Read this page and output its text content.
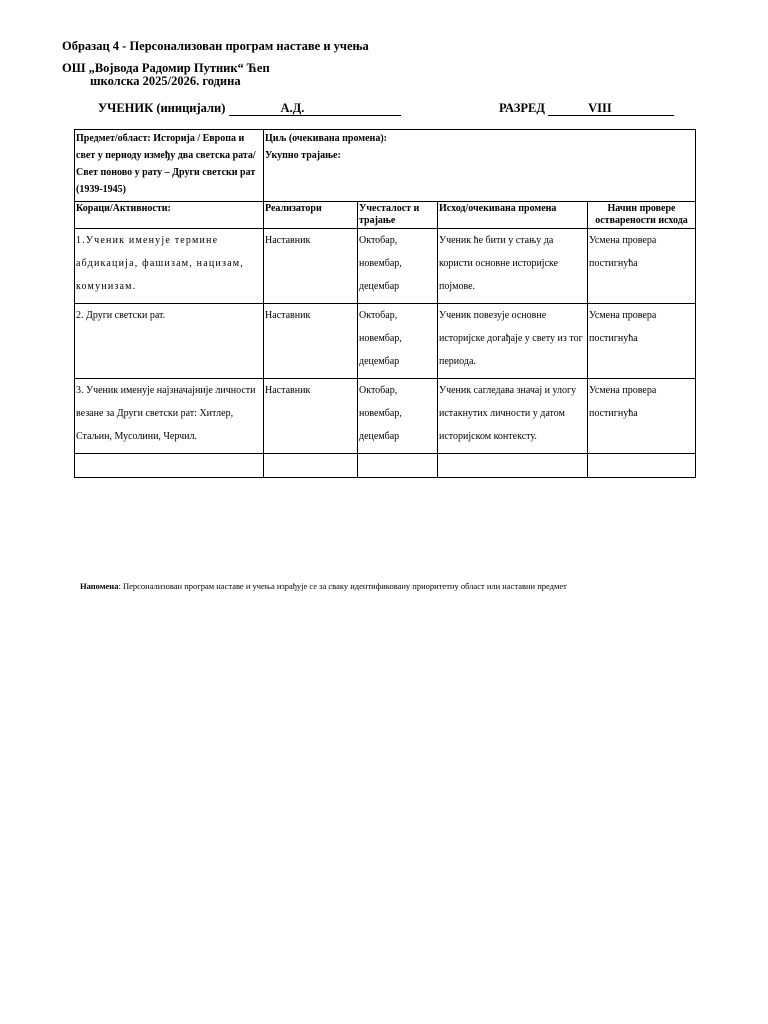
Образац 4 - Персонализован програм наставе и учења
ОШ „Војвода Радомир Путник“ Ћеп
школска 2025/2026. година
УЧЕНИК (иницијали)	А.Д.	РАЗРЕД	VIII
Предмет/област: Историја / Европа и свет у периоду између два светска рата/Свет поново у рату – Други светски рат (1939-1945)	Циљ (очекивана промена):
Укупно трајање:			

Кораци/Активности:	Реализатори	Учесталост и трајање	Исход/очекивана промена	Начин провере остварености исхода
1.Ученик именује термине абдикација, фашизам, нацизам, комунизам.	Наставник	Октобар, новембар, децембар	Ученик ће бити у стању да користи основне историјске појмове.	Усмена провера постигнућа
2. Други светски рат.	Наставник	Октобар, новембар, децембар	Ученик повезује основне историјске догађаје у свету из тог периода.	Усмена провера постигнућа
3. Ученик именује најзначајније личности везане за Други светски рат: Хитлер, Стаљин, Мусолини, Черчил.	Наставник	Октобар, новембар, децембар	Ученик сагледава значај и улогу истакнутих личности у датом историјском контексту.	Усмена провера постигнућа

Напомена: Персонализован програм наставе и учења израђује се за сваку идентификовану приоритетну област или наставни предмет
